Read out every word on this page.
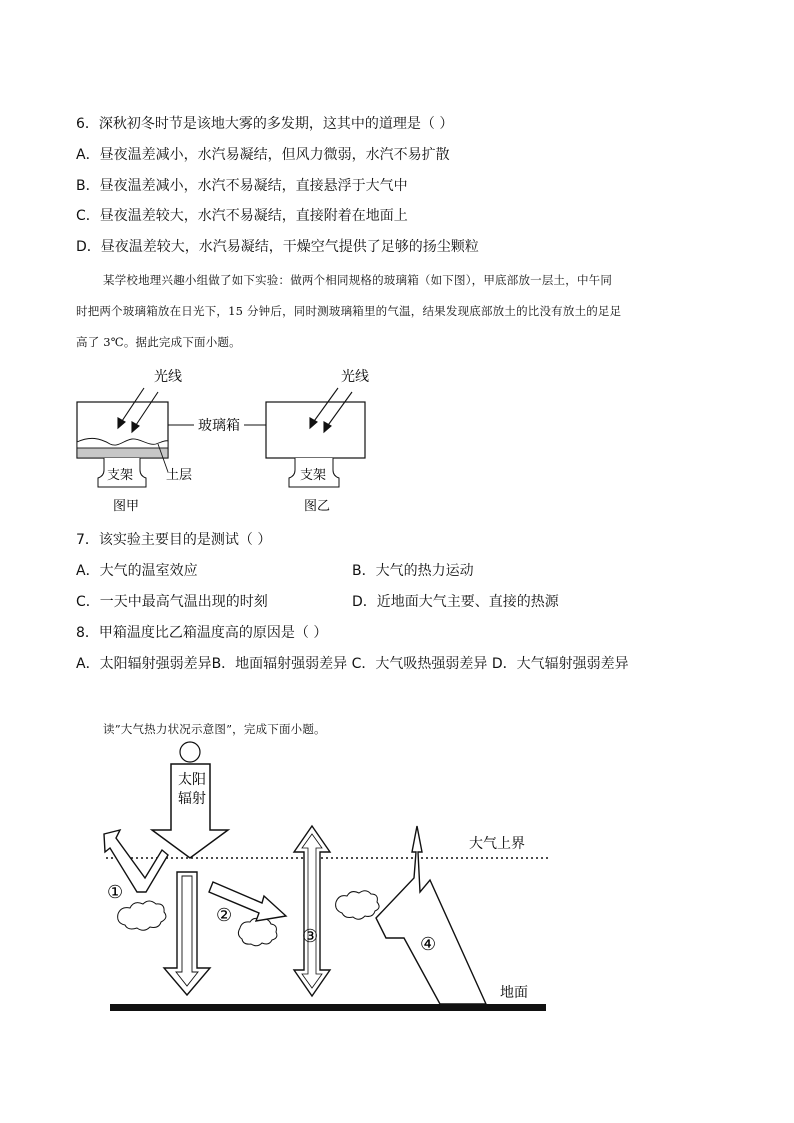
6．深秋初冬时节是该地大雾的多发期，这其中的道理是（ ）
A．昼夜温差减小，水汽易凝结，但风力微弱，水汽不易扩散
B．昼夜温差减小，水汽不易凝结，直接悬浮于大气中
C．昼夜温差较大，水汽不易凝结，直接附着在地面上
D．昼夜温差较大，水汽易凝结，干燥空气提供了足够的扬尘颗粒
某学校地理兴趣小组做了如下实验：做两个相同规格的玻璃箱（如下图），甲底部放一层土，中午同
时把两个玻璃箱放在日光下，15 分钟后，同时测玻璃箱里的气温，结果发现底部放土的比没有放土的足足
高了 3℃。据此完成下面小题。
光线	光线
玻璃箱
支架	支架
土层
图甲	图乙
7．该实验主要目的是测试（ ）
A．大气的温室效应	B．大气的热力运动
C．一天中最高气温出现的时刻	D．近地面大气主要、直接的热源
8．甲箱温度比乙箱温度高的原因是（ ）
A．太阳辐射强弱差异B．地面辐射强弱差异 C．大气吸热强弱差异 D．大气辐射强弱差异
读”大气热力状况示意图”，完成下面小题。
太阳
辐射
大气上界
①
②
③	④
地面
